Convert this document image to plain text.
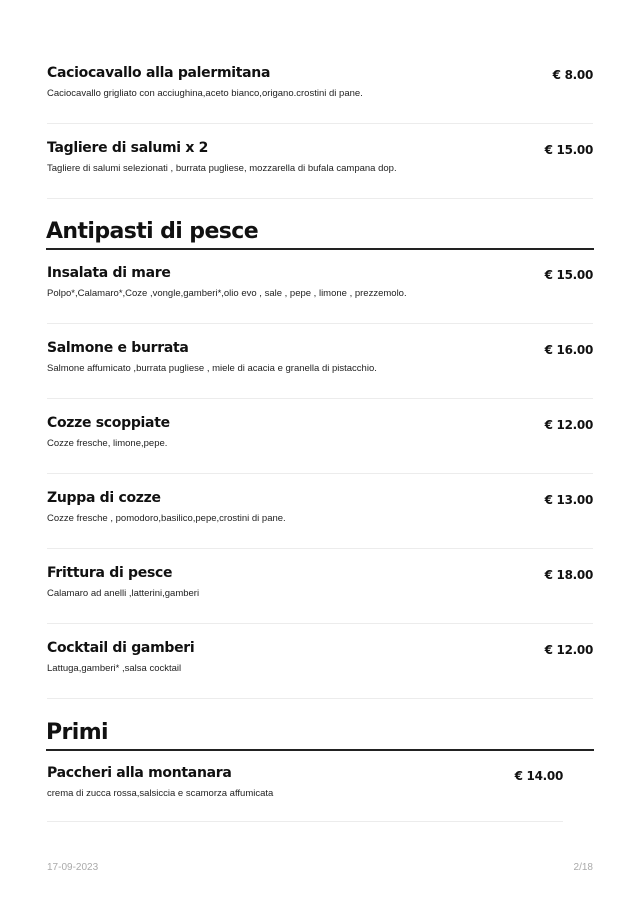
Caciocavallo alla palermitana
Caciocavallo grigliato con acciughina,aceto bianco,origano.crostini di pane.
€ 8.00
Tagliere di salumi x 2
Tagliere di salumi selezionati , burrata pugliese, mozzarella di bufala campana dop.
€ 15.00
Antipasti di pesce
Insalata di mare
Polpo*,Calamaro*,Coze ,vongle,gamberi*,olio evo , sale , pepe , limone , prezzemolo.
€ 15.00
Salmone e burrata
Salmone affumicato ,burrata pugliese , miele di acacia e granella di pistacchio.
€ 16.00
Cozze scoppiate
Cozze fresche, limone,pepe.
€ 12.00
Zuppa di cozze
Cozze fresche , pomodoro,basilico,pepe,crostini di pane.
€ 13.00
Frittura di pesce
Calamaro ad anelli ,latterini,gamberi
€ 18.00
Cocktail di gamberi
Lattuga,gamberi* ,salsa cocktail
€ 12.00
Primi
Paccheri alla montanara
crema di zucca rossa,salsiccia e scamorza affumicata
€ 14.00
17-09-2023	2/18
